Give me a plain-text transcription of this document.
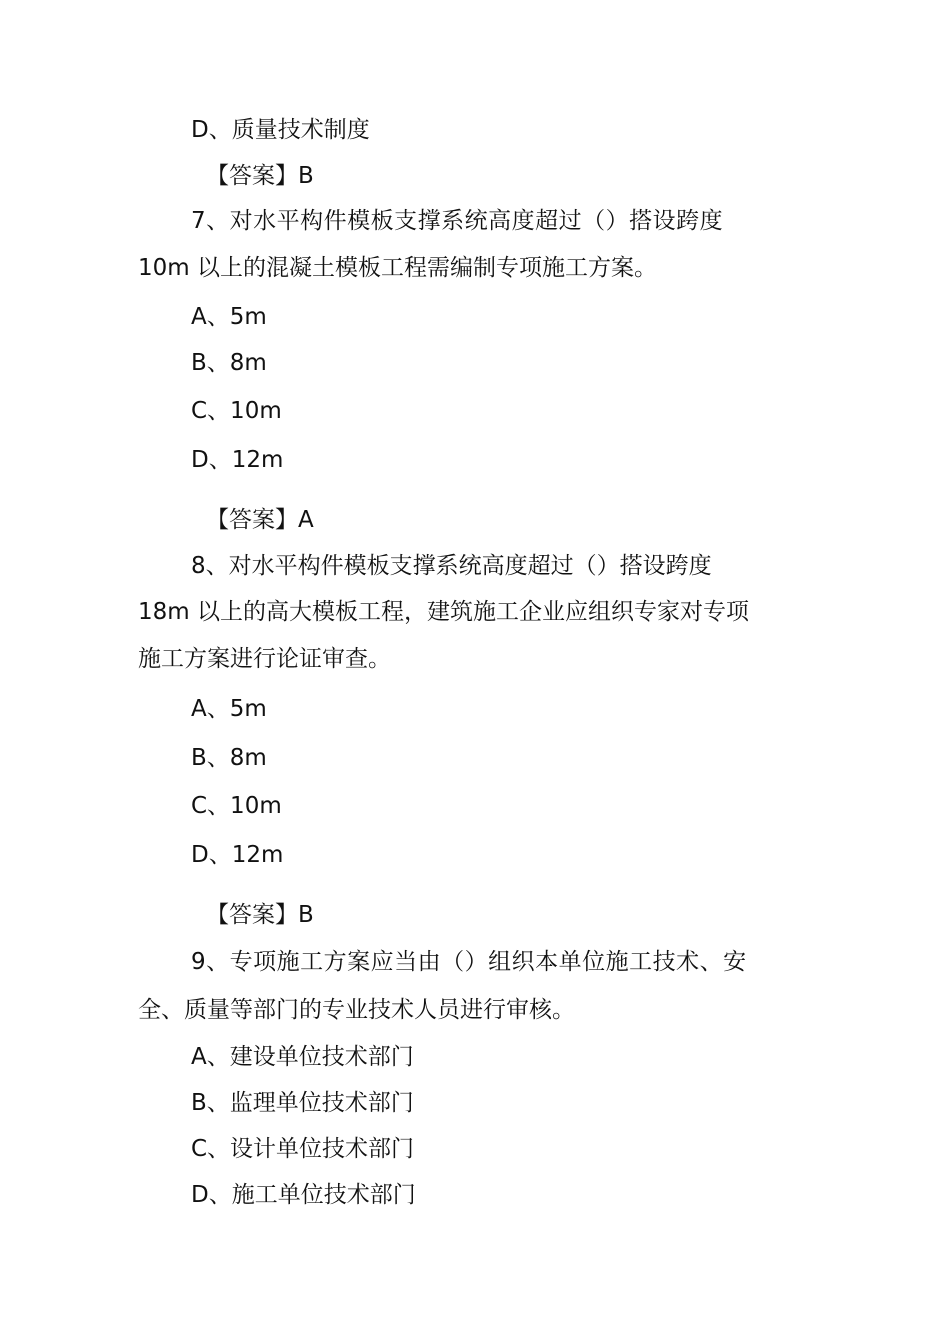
D、质量技术制度
【答案】B
7、对水平构件模板支撑系统高度超过（）搭设跨度
10m 以上的混凝土模板工程需编制专项施工方案。
A、5m
B、8m
C、10m
D、12m
【答案】A
8、对水平构件模板支撑系统高度超过（）搭设跨度
18m 以上的高大模板工程，建筑施工企业应组织专家对专项
施工方案进行论证审查。
A、5m
B、8m
C、10m
D、12m
【答案】B
9、专项施工方案应当由（）组织本单位施工技术、安
全、质量等部门的专业技术人员进行审核。
A、建设单位技术部门
B、监理单位技术部门
C、设计单位技术部门
D、施工单位技术部门
